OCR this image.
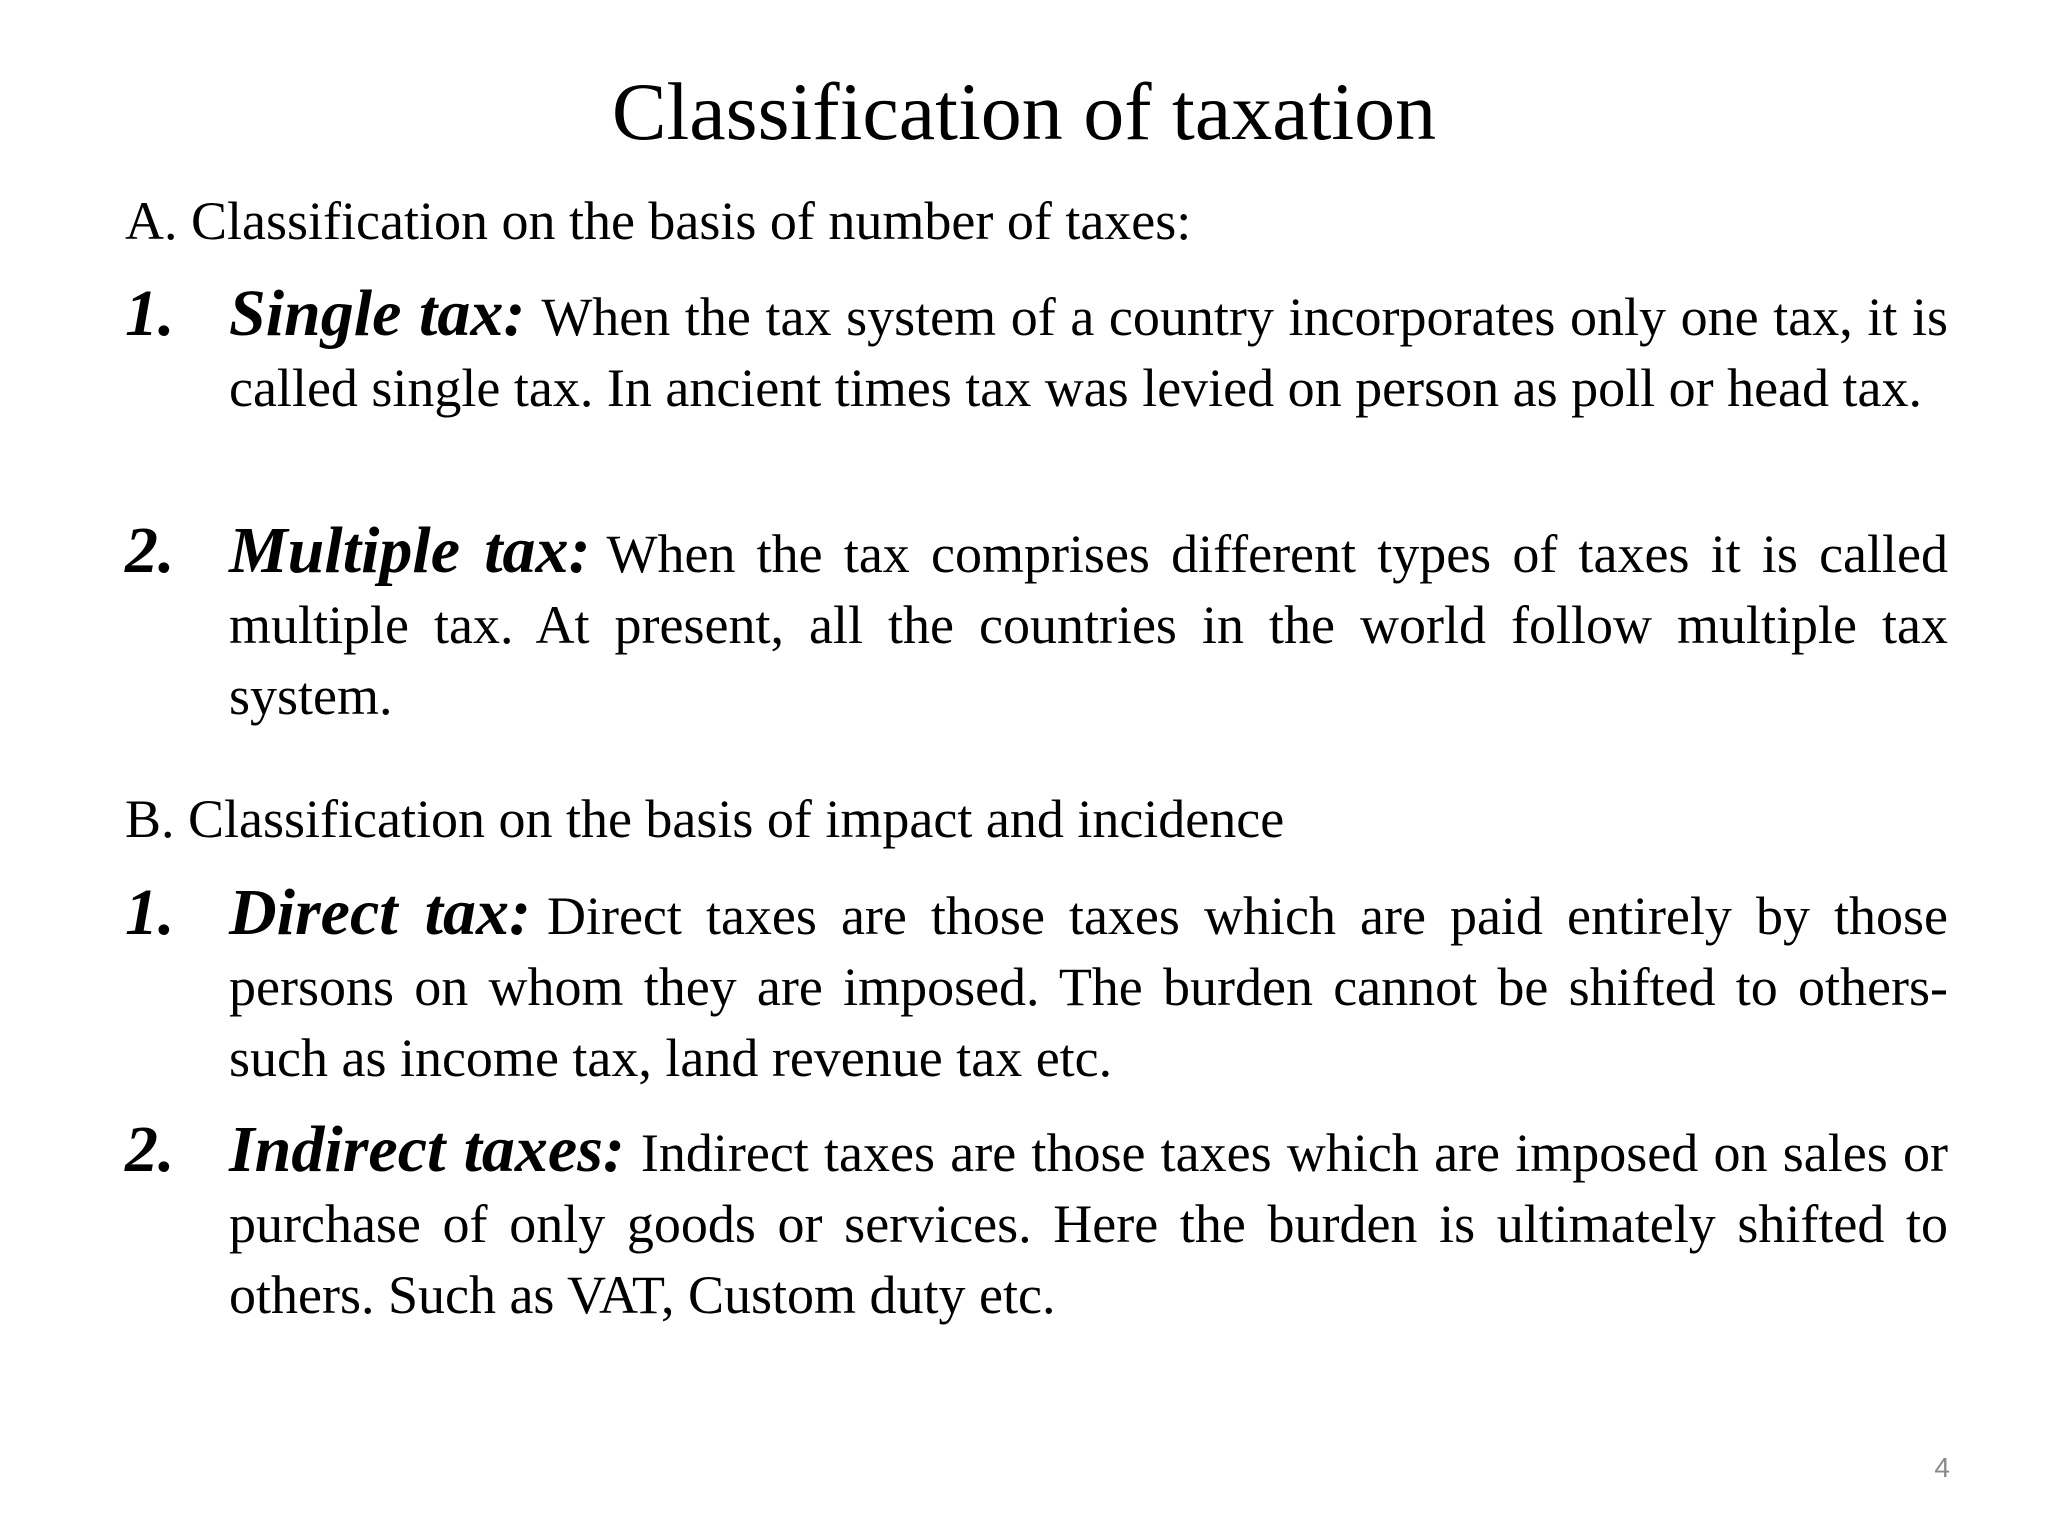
Classification of taxation
A. Classification on the basis of number of taxes:
1. Single tax: When the tax system of a country incorporates only one tax, it is called single tax. In ancient times tax was levied on person as poll or head tax.
2. Multiple tax: When the tax comprises different types of taxes it is called multiple tax. At present, all the countries in the world follow multiple tax system.
B. Classification on the basis of impact and incidence
1. Direct tax: Direct taxes are those taxes which are paid entirely by those persons on whom they are imposed. The burden cannot be shifted to others- such as income tax, land revenue tax etc.
2. Indirect taxes: Indirect taxes are those taxes which are imposed on sales or purchase of only goods or services. Here the burden is ultimately shifted to others. Such as VAT, Custom duty etc.
4
